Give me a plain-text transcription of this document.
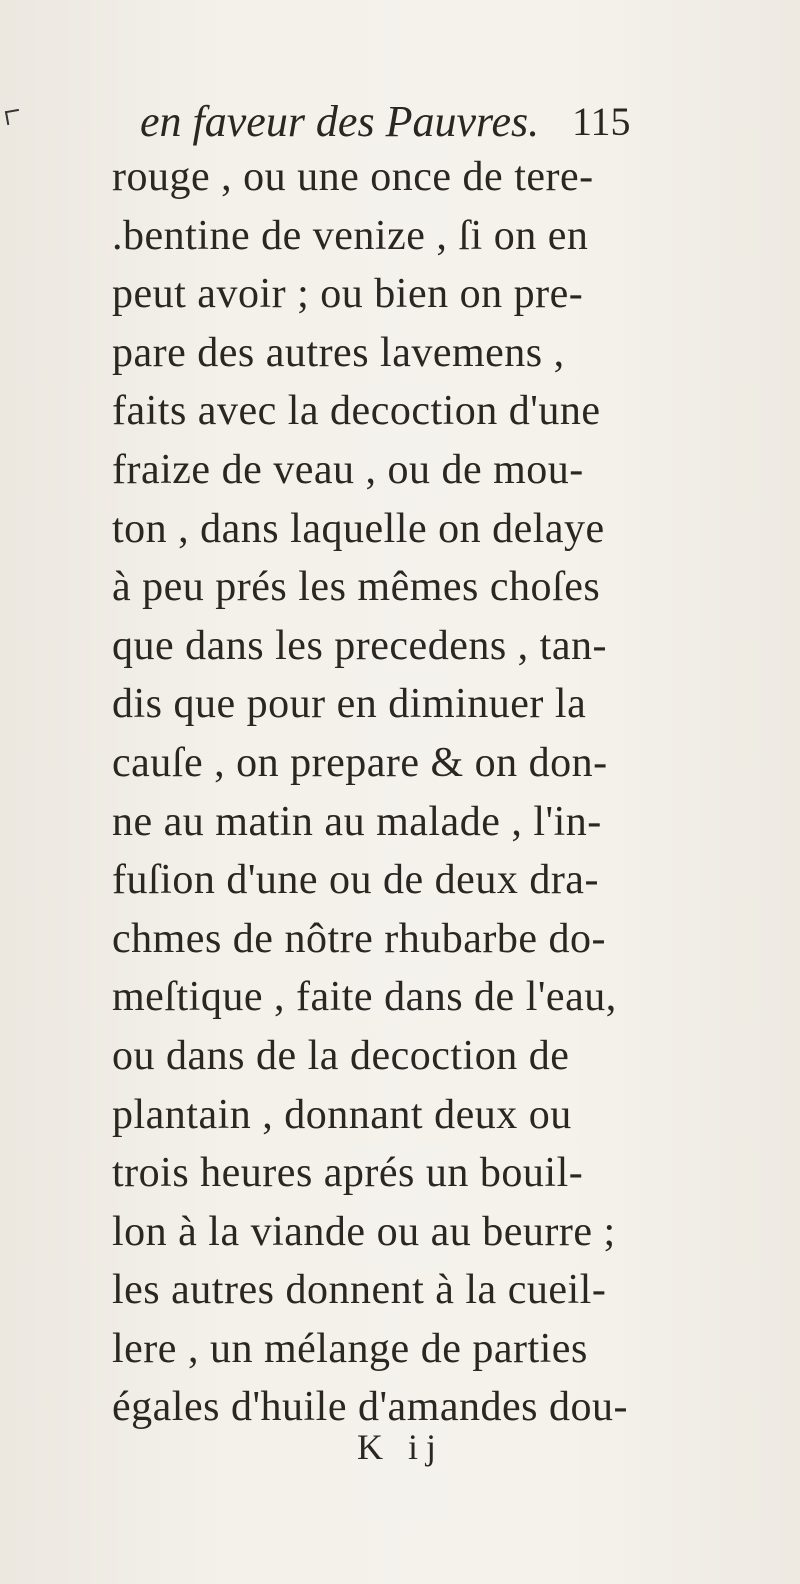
en faveur des Pauvres. 115
rouge , ou une once de tere-
.bentine de venize , ſi on en
peut avoir ; ou bien on pre-
pare des autres lavemens ,
faits avec la decoction d'une
fraize de veau , ou de mou-
ton , dans laquelle on delaye
à peu prés les mêmes choſes
que dans les precedens , tan-
dis que pour en diminuer la
cauſe , on prepare & on don-
ne au matin au malade , l'in-
fuſion d'une ou de deux dra-
chmes de nôtre rhubarbe do-
meſtique , faite dans de l'eau,
ou dans de la decoction de
plantain , donnant deux ou
trois heures aprés un bouil-
lon à la viande ou au beurre ;
les autres donnent à la cueil-
lere , un mélange de parties
égales d'huile d'amandes dou-
K ij
